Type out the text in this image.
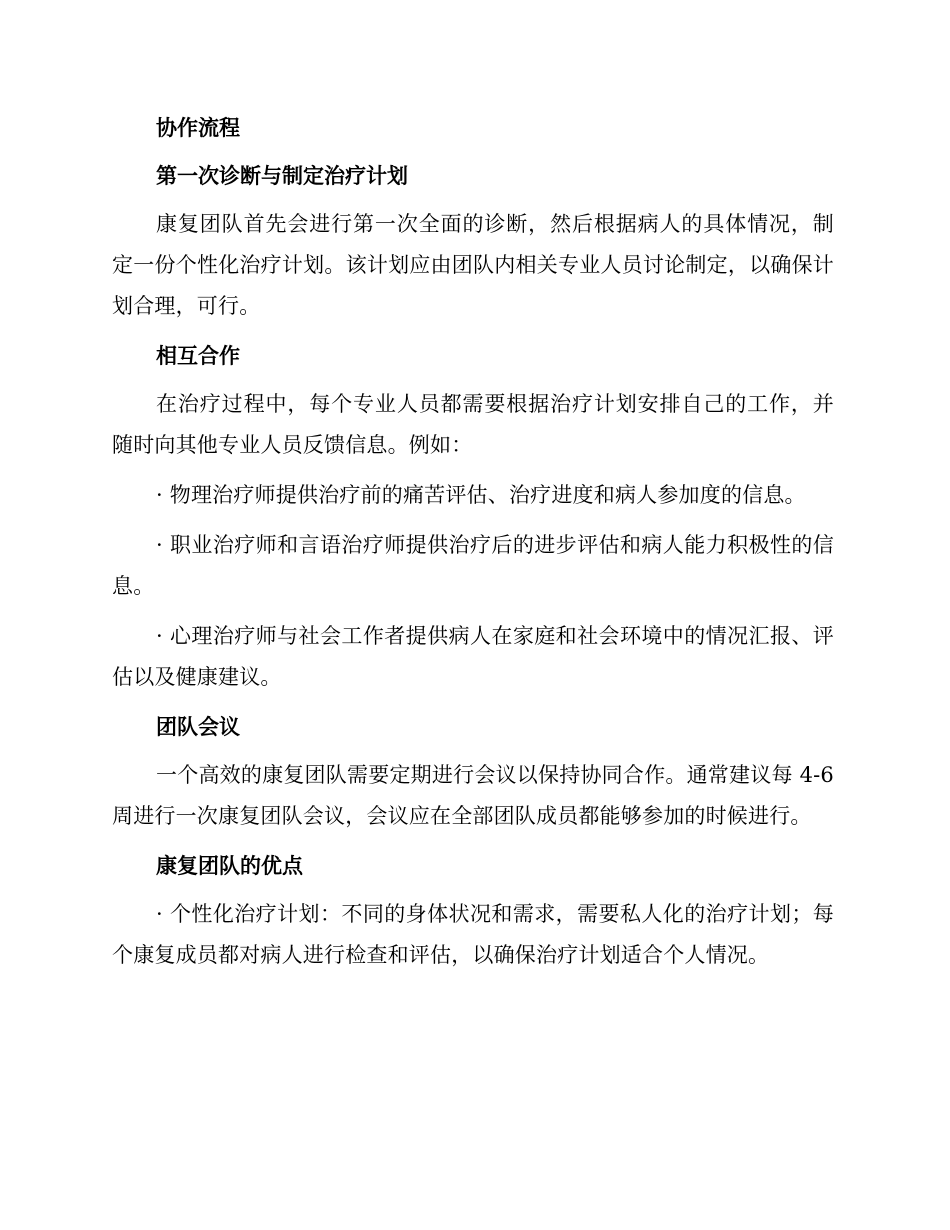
协作流程

第一次诊断与制定治疗计划

康复团队首先会进行第一次全面的诊断，然后根据病人的具体情况，制定一份个性化治疗计划。该计划应由团队内相关专业人员讨论制定，以确保计划合理，可行。

相互合作

在治疗过程中，每个专业人员都需要根据治疗计划安排自己的工作，并随时向其他专业人员反馈信息。例如：

· 物理治疗师提供治疗前的痛苦评估、治疗进度和病人参加度的信息。

· 职业治疗师和言语治疗师提供治疗后的进步评估和病人能力积极性的信息。

· 心理治疗师与社会工作者提供病人在家庭和社会环境中的情况汇报、评估以及健康建议。

团队会议

一个高效的康复团队需要定期进行会议以保持协同合作。通常建议每 4-6 周进行一次康复团队会议，会议应在全部团队成员都能够参加的时候进行。

康复团队的优点

· 个性化治疗计划：不同的身体状况和需求，需要私人化的治疗计划；每个康复成员都对病人进行检查和评估，以确保治疗计划适合个人情况。
